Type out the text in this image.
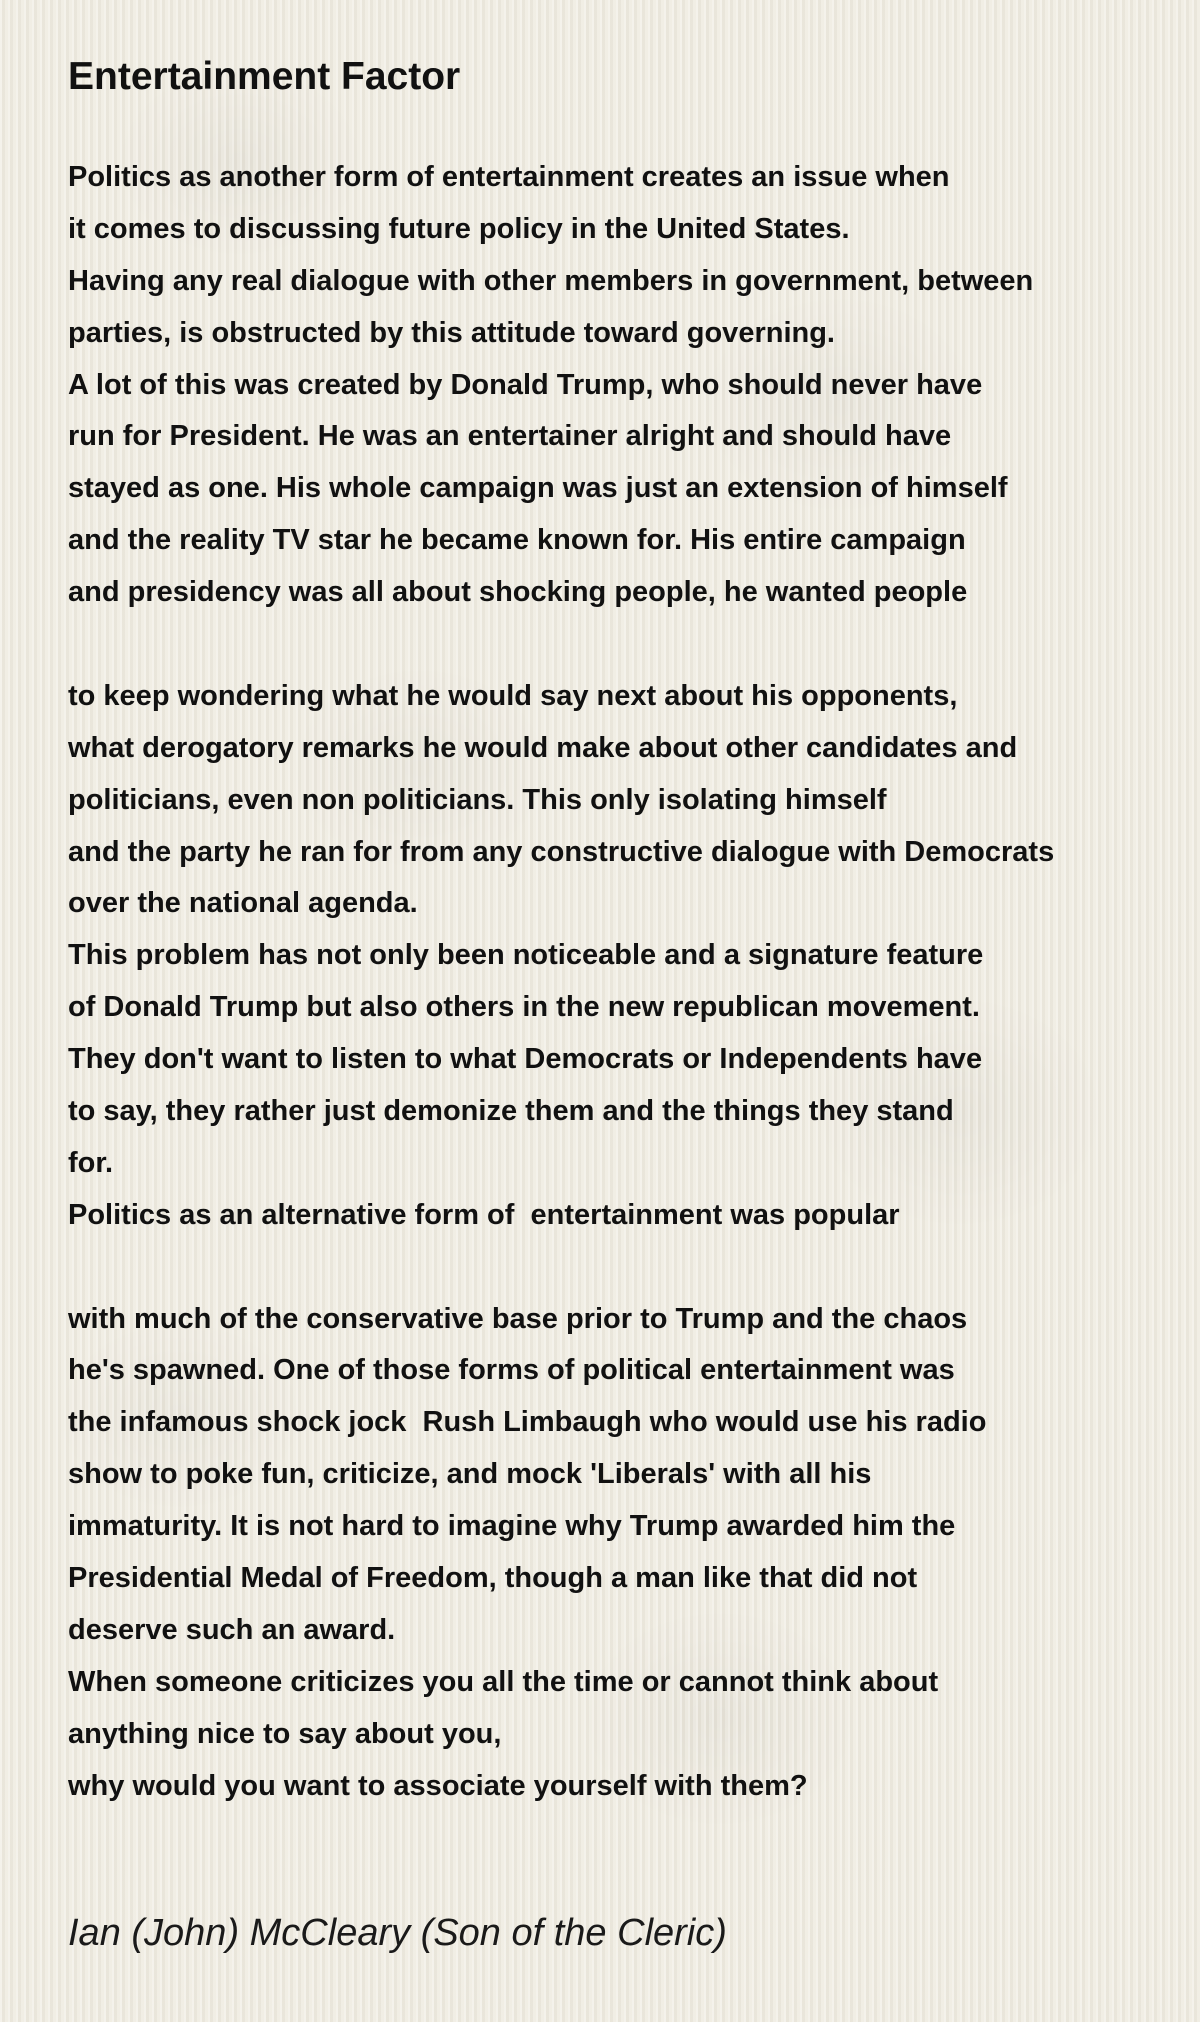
Entertainment Factor
Politics as another form of entertainment creates an issue when
it comes to discussing future policy in the United States.
Having any real dialogue with other members in government, between
parties, is obstructed by this attitude toward governing.
A lot of this was created by Donald Trump, who should never have
run for President. He was an entertainer alright and should have
stayed as one. His whole campaign was just an extension of himself
and the reality TV star he became known for. His entire campaign
and presidency was all about shocking people, he wanted people
to keep wondering what he would say next about his opponents,
what derogatory remarks he would make about other candidates and
politicians, even non politicians. This only isolating himself
and the party he ran for from any constructive dialogue with Democrats
over the national agenda.
This problem has not only been noticeable and a signature feature
of Donald Trump but also others in the new republican movement.
They don't want to listen to what Democrats or Independents have
to say, they rather just demonize them and the things they stand
for.
Politics as an alternative form of  entertainment was popular
with much of the conservative base prior to Trump and the chaos
he's spawned. One of those forms of political entertainment was
the infamous shock jock  Rush Limbaugh who would use his radio
show to poke fun, criticize, and mock 'Liberals' with all his
immaturity. It is not hard to imagine why Trump awarded him the
Presidential Medal of Freedom, though a man like that did not
deserve such an award.
When someone criticizes you all the time or cannot think about
anything nice to say about you,
why would you want to associate yourself with them?
Ian (John) McCleary (Son of the Cleric)
